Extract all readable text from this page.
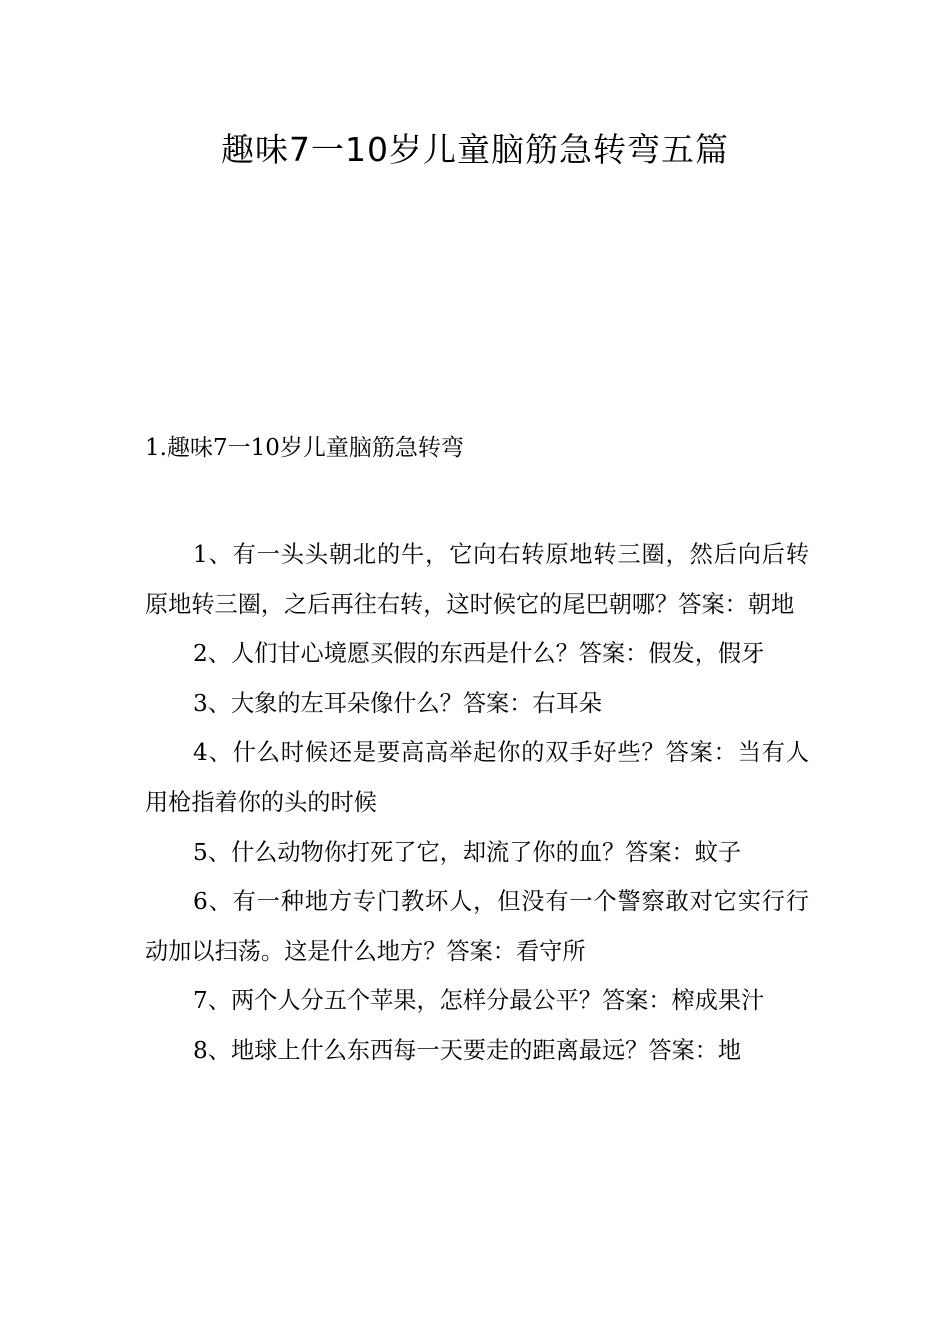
趣味7一10岁儿童脑筋急转弯五篇
1.趣味7一10岁儿童脑筋急转弯
1、有一头头朝北的牛，它向右转原地转三圈，然后向后转原地转三圈，之后再往右转，这时候它的尾巴朝哪？答案：朝地
2、人们甘心境愿买假的东西是什么？答案：假发，假牙
3、大象的左耳朵像什么？答案：右耳朵
4、什么时候还是要高高举起你的双手好些？答案：当有人用枪指着你的头的时候
5、什么动物你打死了它，却流了你的血？答案：蚊子
6、有一种地方专门教坏人，但没有一个警察敢对它实行行动加以扫荡。这是什么地方？答案：看守所
7、两个人分五个苹果，怎样分最公平？答案：榨成果汁
8、地球上什么东西每一天要走的距离最远？答案：地
